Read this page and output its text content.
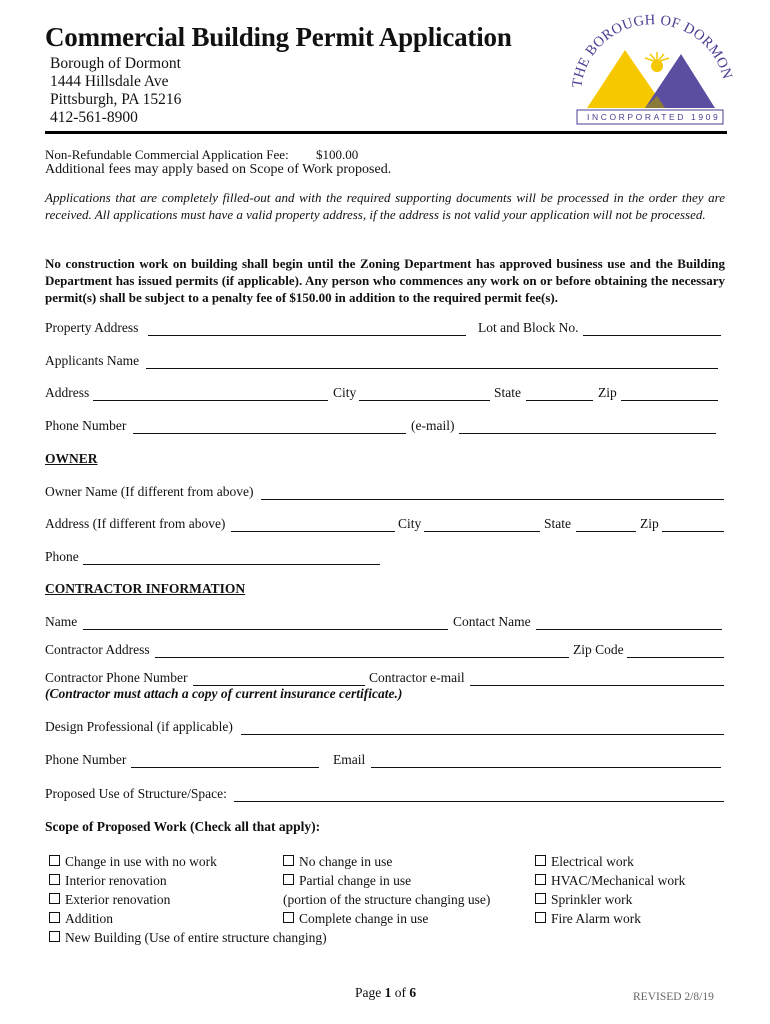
Commercial Building Permit Application
Borough of Dormont
1444 Hillsdale Ave
Pittsburgh, PA 15216
412-561-8900
THE BOROUGH OF DORMON
INCORPORATED 1909
Non-Refundable Commercial Application Fee: $100.00
Additional fees may apply based on Scope of Work proposed.
Applications that are completely filled-out and with the required supporting documents will be processed in the order they are received. All applications must have a valid property address, if the address is not valid your application will not be processed.
No construction work on building shall begin until the Zoning Department has approved business use and the Building Department has issued permits (if applicable). Any person who commences any work on or before obtaining the necessary permit(s) shall be subject to a penalty fee of $150.00 in addition to the required permit fee(s).
Property Address	Lot and Block No.
Applicants Name
Address	City	State	Zip
Phone Number	(e-mail)
OWNER
Owner Name (If different from above)
Address (If different from above)	City	State	Zip
Phone
CONTRACTOR INFORMATION
Name	Contact Name
Contractor Address	Zip Code
Contractor Phone Number	Contractor e-mail
(Contractor must attach a copy of current insurance certificate.)
Design Professional (if applicable)
Phone Number	Email
Proposed Use of Structure/Space:
Scope of Proposed Work (Check all that apply):
Change in use with no work
Interior renovation
Exterior renovation
Addition
New Building (Use of entire structure changing)
No change in use
Partial change in use
(portion of the structure changing use)
Complete change in use
Electrical work
HVAC/Mechanical work
Sprinkler work
Fire Alarm work
Page 1 of 6	REVISED 2/8/19
